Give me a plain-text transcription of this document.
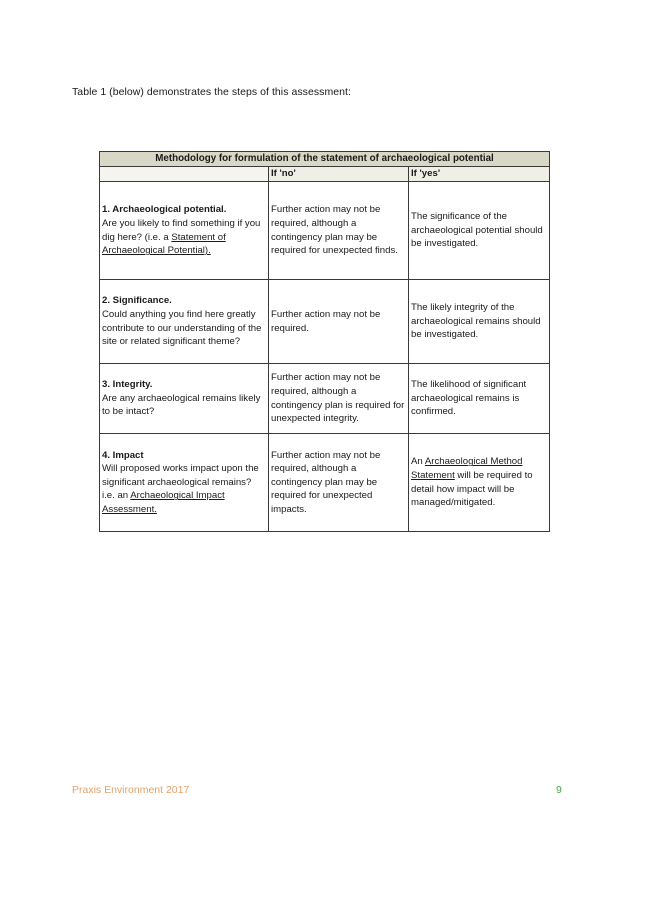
Table 1 (below) demonstrates the steps of this assessment:
Methodology for formulation of the statement of archaeological potential		
	If 'no'	If 'yes'

1. Archaeological potential.
Are you likely to find something if you dig here? (i.e. a Statement of Archaeological Potential).	Further action may not be required, although a contingency plan may be required for unexpected finds.	The significance of the archaeological potential should be investigated.

2. Significance.
Could anything you find here greatly contribute to our understanding of the site or related significant theme?	Further action may not be required.	The likely integrity of the archaeological remains should be investigated.

3. Integrity.
Are any archaeological remains likely to be intact?	Further action may not be required, although a contingency plan is required for unexpected integrity.	The likelihood of significant archaeological remains is confirmed.

4. Impact
Will proposed works impact upon the significant archaeological remains? i.e. an Archaeological Impact Assessment.	Further action may not be required, although a contingency plan may be required for unexpected impacts.	An Archaeological Method Statement will be required to detail how impact will be managed/mitigated.
Praxis Environment 2017	9
